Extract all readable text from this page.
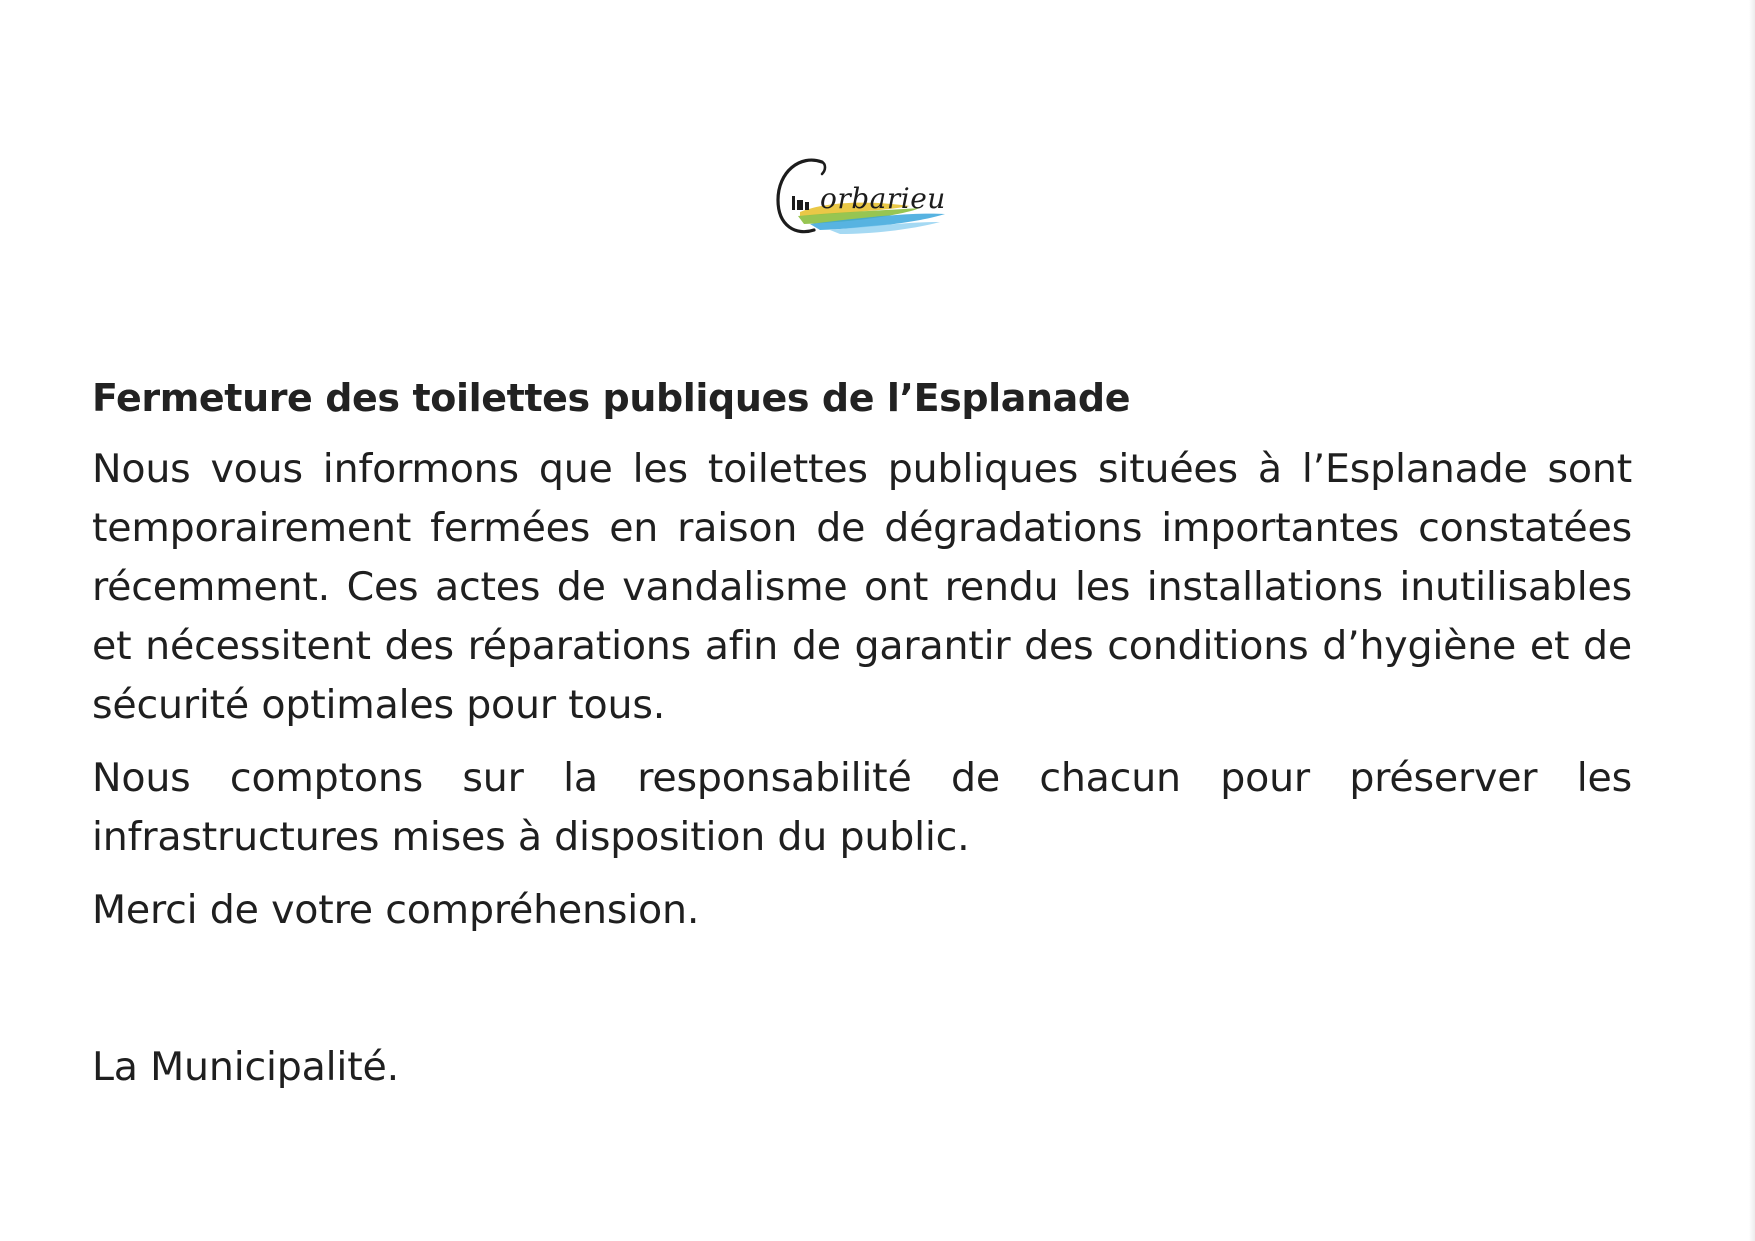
orbarieu
Fermeture des toilettes publiques de l’Esplanade

Nous vous informons que les toilettes publiques situées à l’Esplanade sont temporairement fermées en raison de dégradations importantes constatées récemment. Ces actes de vandalisme ont rendu les installations inutilisables et nécessitent des réparations afin de garantir des conditions d’hygiène et de sécurité optimales pour tous.

Nous comptons sur la responsabilité de chacun pour préserver les infrastructures mises à disposition du public.

Merci de votre compréhension.

La Municipalité.
